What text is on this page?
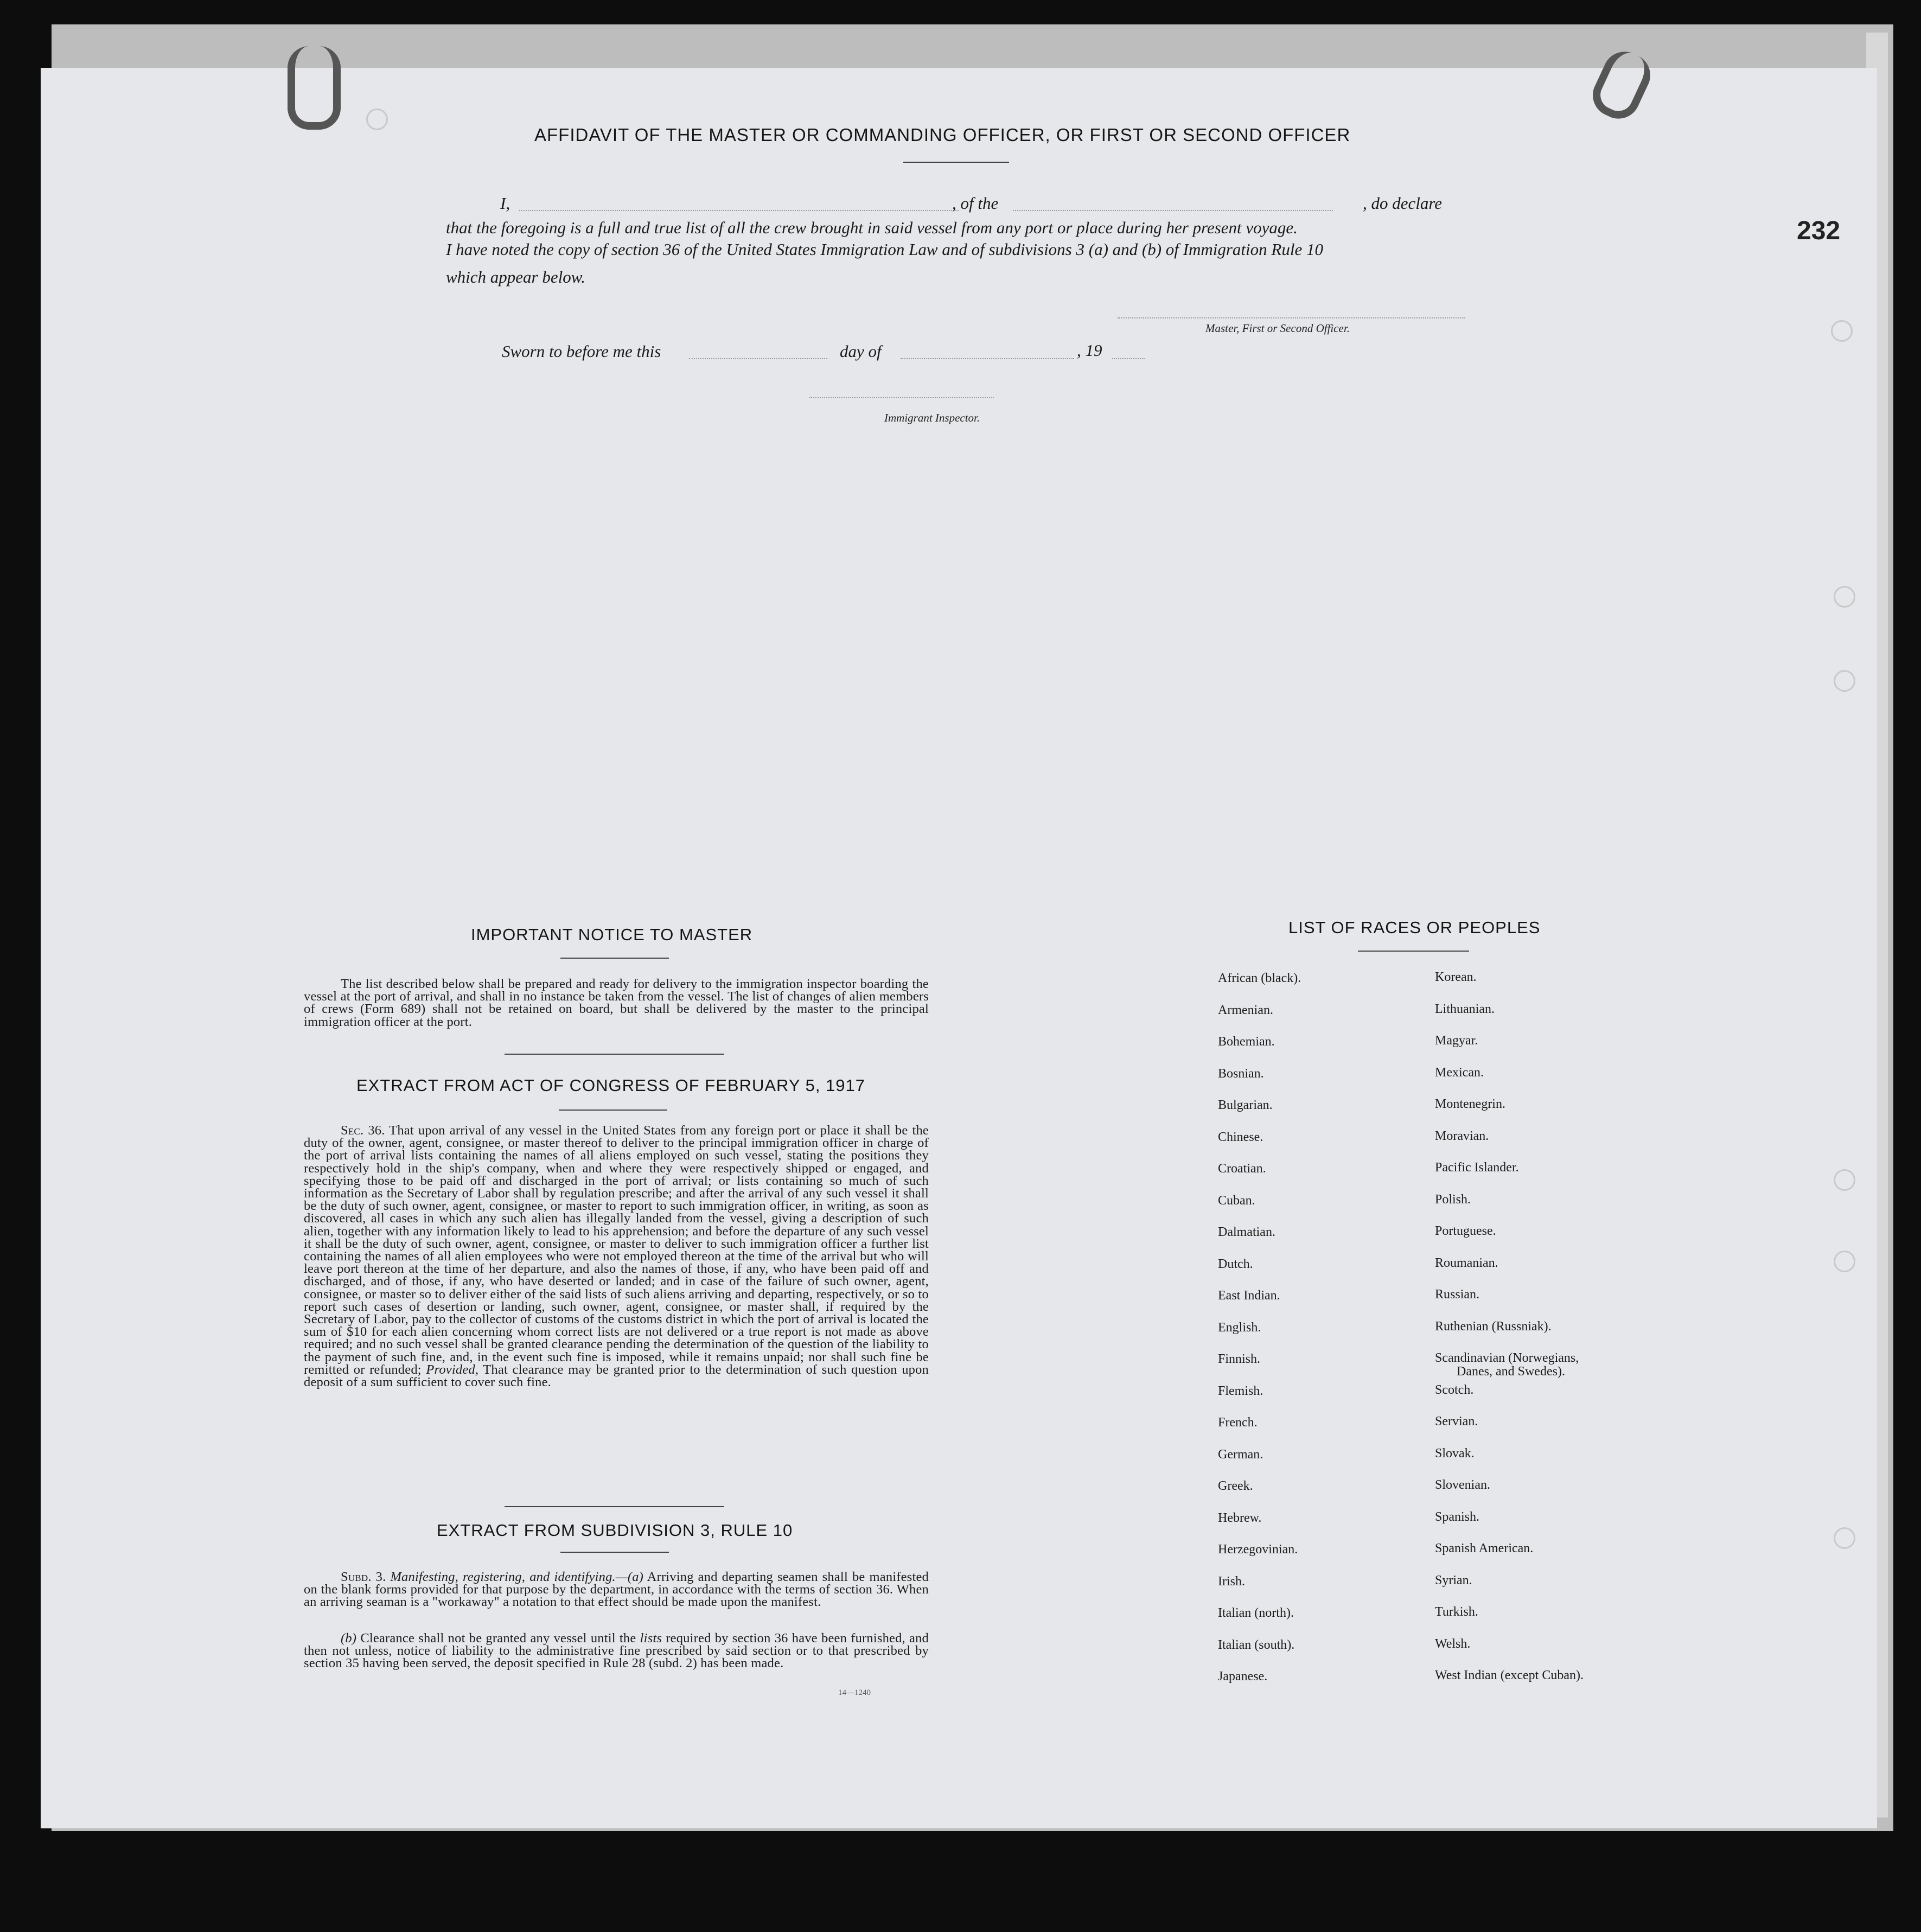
232
AFFIDAVIT OF THE MASTER OR COMMANDING OFFICER, OR FIRST OR SECOND OFFICER
I,	, of the	, do declare
that the foregoing is a full and true list of all the crew brought in said vessel from any port or place during her present voyage.
I have noted the copy of section 36 of the United States Immigration Law and of subdivisions 3 (a) and (b) of Immigration Rule 10
which appear below.
Master, First or Second Officer.
Sworn to before me this	day of	, 19
Immigrant Inspector.
IMPORTANT NOTICE TO MASTER
The list described below shall be prepared and ready for delivery to the immigration inspector boarding the vessel at the port of arrival, and shall in no instance be taken from the vessel. The list of changes of alien members of crews (Form 689) shall not be retained on board, but shall be delivered by the master to the principal immigration officer at the port.
EXTRACT FROM ACT OF CONGRESS OF FEBRUARY 5, 1917
Sec. 36. That upon arrival of any vessel in the United States from any foreign port or place it shall be the duty of the owner, agent, consignee, or master thereof to deliver to the principal immigration officer in charge of the port of arrival lists containing the names of all aliens employed on such vessel, stating the positions they respectively hold in the ship's company, when and where they were respectively shipped or engaged, and specifying those to be paid off and discharged in the port of arrival; or lists containing so much of such information as the Secretary of Labor shall by regulation prescribe; and after the arrival of any such vessel it shall be the duty of such owner, agent, consignee, or master to report to such immigration officer, in writing, as soon as discovered, all cases in which any such alien has illegally landed from the vessel, giving a description of such alien, together with any information likely to lead to his apprehension; and before the departure of any such vessel it shall be the duty of such owner, agent, consignee, or master to deliver to such immigration officer a further list containing the names of all alien employees who were not employed thereon at the time of the arrival but who will leave port thereon at the time of her departure, and also the names of those, if any, who have been paid off and discharged, and of those, if any, who have deserted or landed; and in case of the failure of such owner, agent, consignee, or master so to deliver either of the said lists of such aliens arriving and departing, respectively, or so to report such cases of desertion or landing, such owner, agent, consignee, or master shall, if required by the Secretary of Labor, pay to the collector of customs of the customs district in which the port of arrival is located the sum of $10 for each alien concerning whom correct lists are not delivered or a true report is not made as above required; and no such vessel shall be granted clearance pending the determination of the question of the liability to the payment of such fine, and, in the event such fine is imposed, while it remains unpaid; nor shall such fine be remitted or refunded; Provided, That clearance may be granted prior to the determination of such question upon deposit of a sum sufficient to cover such fine.
EXTRACT FROM SUBDIVISION 3, RULE 10
Subd. 3. Manifesting, registering, and identifying.—(a) Arriving and departing seamen shall be manifested on the blank forms provided for that purpose by the department, in accordance with the terms of section 36. When an arriving seaman is a "workaway" a notation to that effect should be made upon the manifest.
(b) Clearance shall not be granted any vessel until the lists required by section 36 have been furnished, and then not unless, notice of liability to the administrative fine prescribed by said section or to that prescribed by section 35 having been served, the deposit specified in Rule 28 (subd. 2) has been made.
14—1240
LIST OF RACES OR PEOPLES
African (black).
Armenian.
Bohemian.
Bosnian.
Bulgarian.
Chinese.
Croatian.
Cuban.
Dalmatian.
Dutch.
East Indian.
English.
Finnish.
Flemish.
French.
German.
Greek.
Hebrew.
Herzegovinian.
Irish.
Italian (north).
Italian (south).
Japanese.
Korean.
Lithuanian.
Magyar.
Mexican.
Montenegrin.
Moravian.
Pacific Islander.
Polish.
Portuguese.
Roumanian.
Russian.
Ruthenian (Russniak).
Scandinavian (Norwegians,
Danes, and Swedes).
Scotch.
Servian.
Slovak.
Slovenian.
Spanish.
Spanish American.
Syrian.
Turkish.
Welsh.
West Indian (except Cuban).
